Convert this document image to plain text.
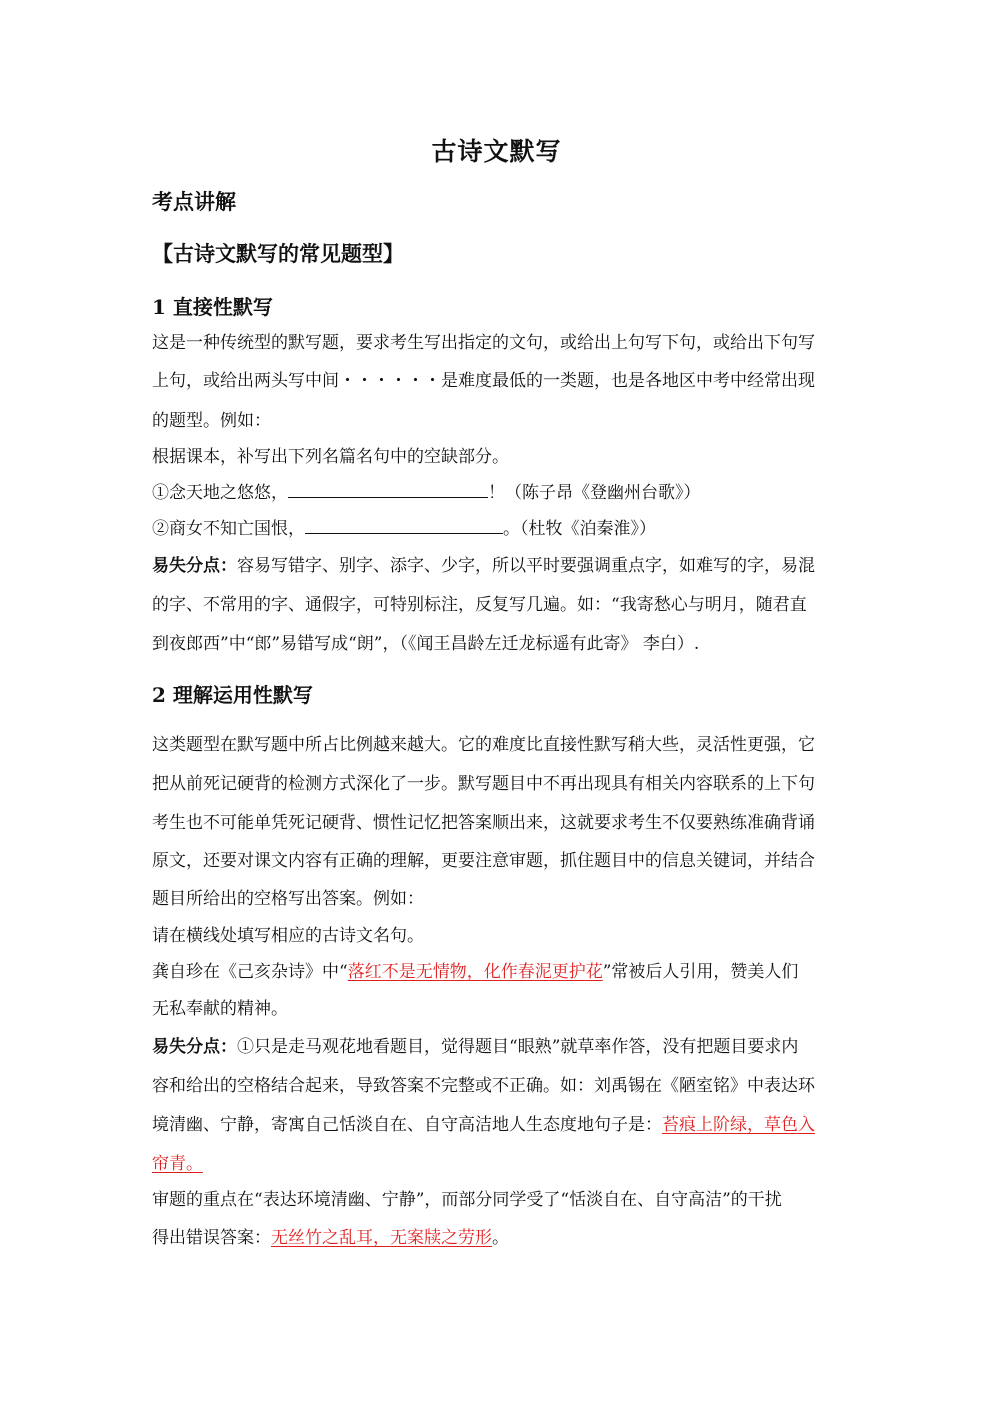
古诗文默写
考点讲解
【古诗文默写的常见题型】
1 直接性默写
这是一种传统型的默写题，要求考生写出指定的文句，或给出上句写下句，或给出下句写
上句，或给出两头写中间・・・・・・是难度最低的一类题，也是各地区中考中经常出现
的题型。例如：
根据课本，补写出下列名篇名句中的空缺部分。
①念天地之悠悠，	！（陈子昂《登幽州台歌》）
②商女不知亡国恨，	。（杜牧《泊秦淮》）
易失分点：容易写错字、别字、添字、少字，所以平时要强调重点字，如难写的字，易混
的字、不常用的字、通假字，可特别标注，反复写几遍。如：“我寄愁心与明月，随君直
到夜郎西”中“郎”易错写成“朗”，（《闻王昌龄左迁龙标遥有此寄》 李白）.
2 理解运用性默写
这类题型在默写题中所占比例越来越大。它的难度比直接性默写稍大些，灵活性更强，它
把从前死记硬背的检测方式深化了一步。默写题目中不再出现具有相关内容联系的上下句
考生也不可能单凭死记硬背、惯性记忆把答案顺出来，这就要求考生不仅要熟练准确背诵
原文，还要对课文内容有正确的理解，更要注意审题，抓住题目中的信息关键词，并结合
题目所给出的空格写出答案。例如：
请在横线处填写相应的古诗文名句。
龚自珍在《己亥杂诗》中“落红不是无情物，化作春泥更护花”常被后人引用，赞美人们
无私奉献的精神。
易失分点：①只是走马观花地看题目，觉得题目“眼熟”就草率作答，没有把题目要求内
容和给出的空格结合起来，导致答案不完整或不正确。如：刘禹锡在《陋室铭》中表达环
境清幽、宁静，寄寓自己恬淡自在、自守高洁地人生态度地句子是：苔痕上阶绿，草色入
帘青。
审题的重点在“表达环境清幽、宁静”，而部分同学受了“恬淡自在、自守高洁”的干扰
得出错误答案：无丝竹之乱耳，无案牍之劳形。
